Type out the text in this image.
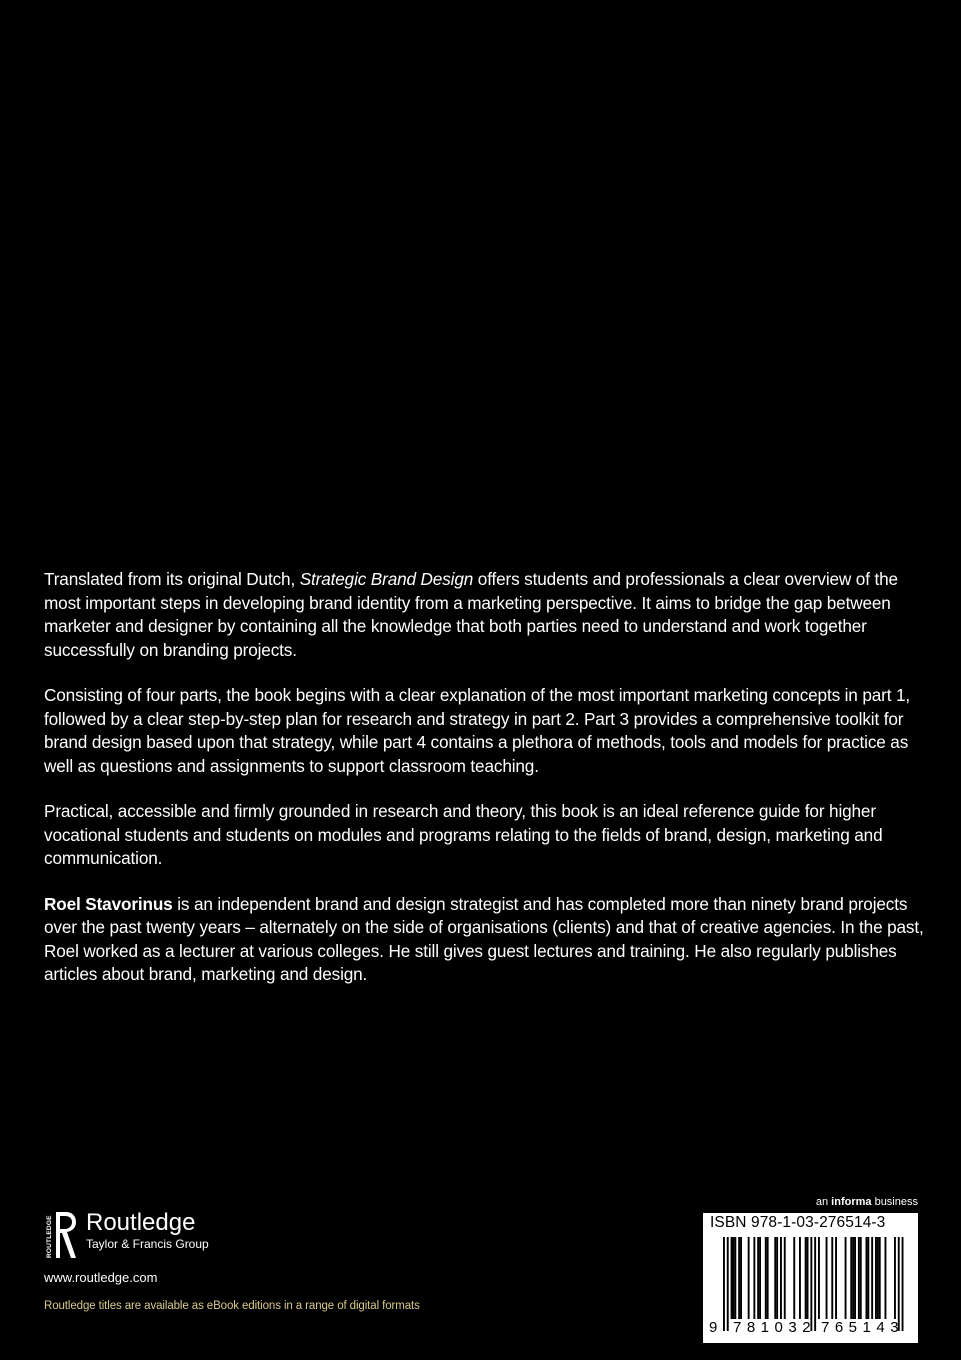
Translated from its original Dutch, Strategic Brand Design offers students and professionals a clear overview of the most important steps in developing brand identity from a marketing perspective. It aims to bridge the gap between marketer and designer by containing all the knowledge that both parties need to understand and work together successfully on branding projects.

Consisting of four parts, the book begins with a clear explanation of the most important marketing concepts in part 1, followed by a clear step-by-step plan for research and strategy in part 2. Part 3 provides a comprehensive toolkit for brand design based upon that strategy, while part 4 contains a plethora of methods, tools and models for practice as well as questions and assignments to support classroom teaching.

Practical, accessible and firmly grounded in research and theory, this book is an ideal reference guide for higher vocational students and students on modules and programs relating to the fields of brand, design, marketing and communication.

Roel Stavorinus is an independent brand and design strategist and has completed more than ninety brand projects over the past twenty years – alternately on the side of organisations (clients) and that of creative agencies. In the past, Roel worked as a lecturer at various colleges. He still gives guest lectures and training. He also regularly publishes articles about brand, marketing and design.

ROUTLEDGE Routledge
Taylor & Francis Group
www.routledge.com
Routledge titles are available as eBook editions in a range of digital formats
an informa business
ISBN 978-1-03-276514-3
9 781032 765143
